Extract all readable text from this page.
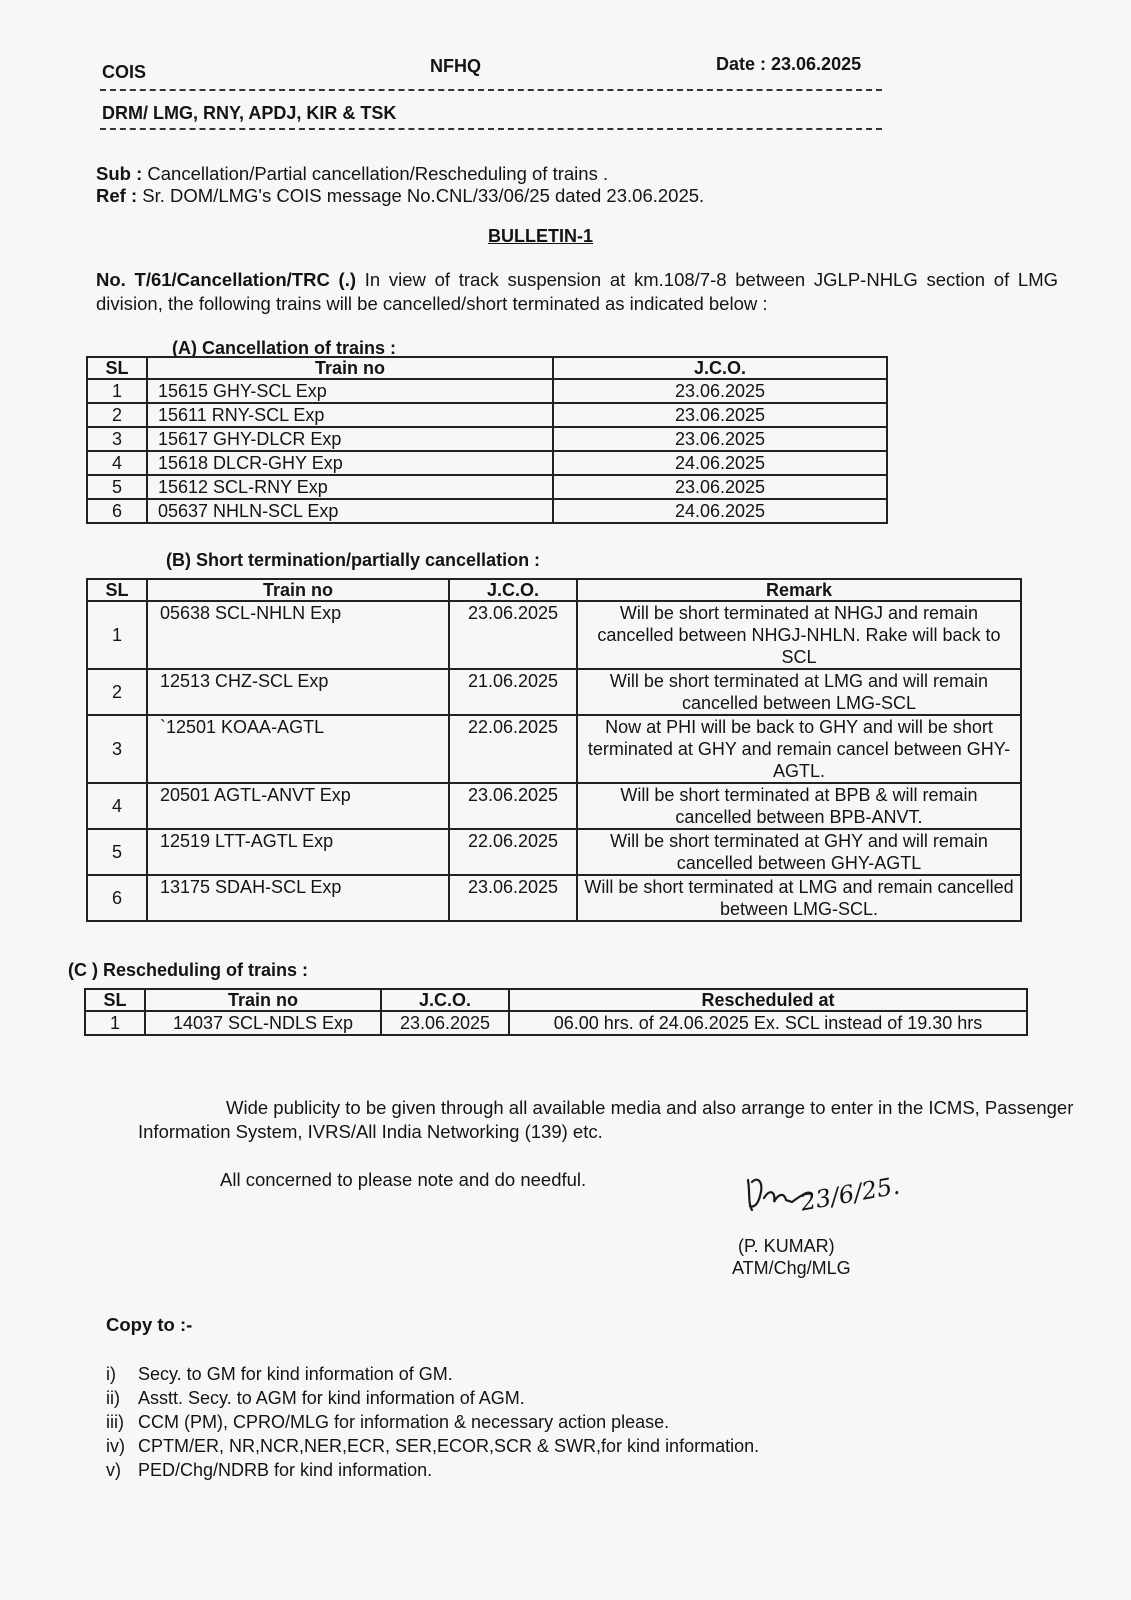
COIS	NFHQ	Date : 23.06.2025
DRM/ LMG, RNY, APDJ, KIR & TSK
Sub : Cancellation/Partial cancellation/Rescheduling of trains .
Ref : Sr. DOM/LMG's COIS message No.CNL/33/06/25 dated 23.06.2025.
BULLETIN-1
No. T/61/Cancellation/TRC (.) In view of track suspension at km.108/7-8 between JGLP-NHLG section of LMG division, the following trains will be cancelled/short terminated as indicated below :
(A) Cancellation of trains :
SL	Train no	J.C.O.
1	15615 GHY-SCL Exp	23.06.2025
2	15611 RNY-SCL Exp	23.06.2025
3	15617 GHY-DLCR Exp	23.06.2025
4	15618 DLCR-GHY Exp	24.06.2025
5	15612 SCL-RNY Exp	23.06.2025
6	05637 NHLN-SCL Exp	24.06.2025
(B) Short termination/partially cancellation :
SL	Train no	J.C.O.	Remark
1	05638 SCL-NHLN Exp	23.06.2025	Will be short terminated at NHGJ and remain cancelled between NHGJ-NHLN. Rake will back to SCL
2	12513 CHZ-SCL Exp	21.06.2025	Will be short terminated at LMG and will remain cancelled between LMG-SCL
3	`12501 KOAA-AGTL	22.06.2025	Now at PHI will be back to GHY and will be short terminated at GHY and remain cancel between GHY-AGTL.
4	20501 AGTL-ANVT Exp	23.06.2025	Will be short terminated at BPB & will remain cancelled between BPB-ANVT.
5	12519 LTT-AGTL Exp	22.06.2025	Will be short terminated at GHY and will remain cancelled between GHY-AGTL
6	13175 SDAH-SCL Exp	23.06.2025	Will be short terminated at LMG and remain cancelled between LMG-SCL.
(C ) Rescheduling of trains :
SL	Train no	J.C.O.	Rescheduled at
1	14037 SCL-NDLS Exp	23.06.2025	06.00 hrs. of 24.06.2025 Ex. SCL instead of 19.30 hrs
Wide publicity to be given through all available media and also arrange to enter in the ICMS, Passenger Information System, IVRS/All India Networking (139) etc.
All concerned to please note and do needful.	23/6/25.
(P. KUMAR)
ATM/Chg/MLG
Copy to :-
i)	Secy. to GM for kind information of GM.
ii)	Asstt. Secy. to AGM for kind information of AGM.
iii) CCM (PM), CPRO/MLG for information & necessary action please.
iv) CPTM/ER, NR,NCR,NER,ECR, SER,ECOR,SCR & SWR,for kind information.
v) PED/Chg/NDRB for kind information.
